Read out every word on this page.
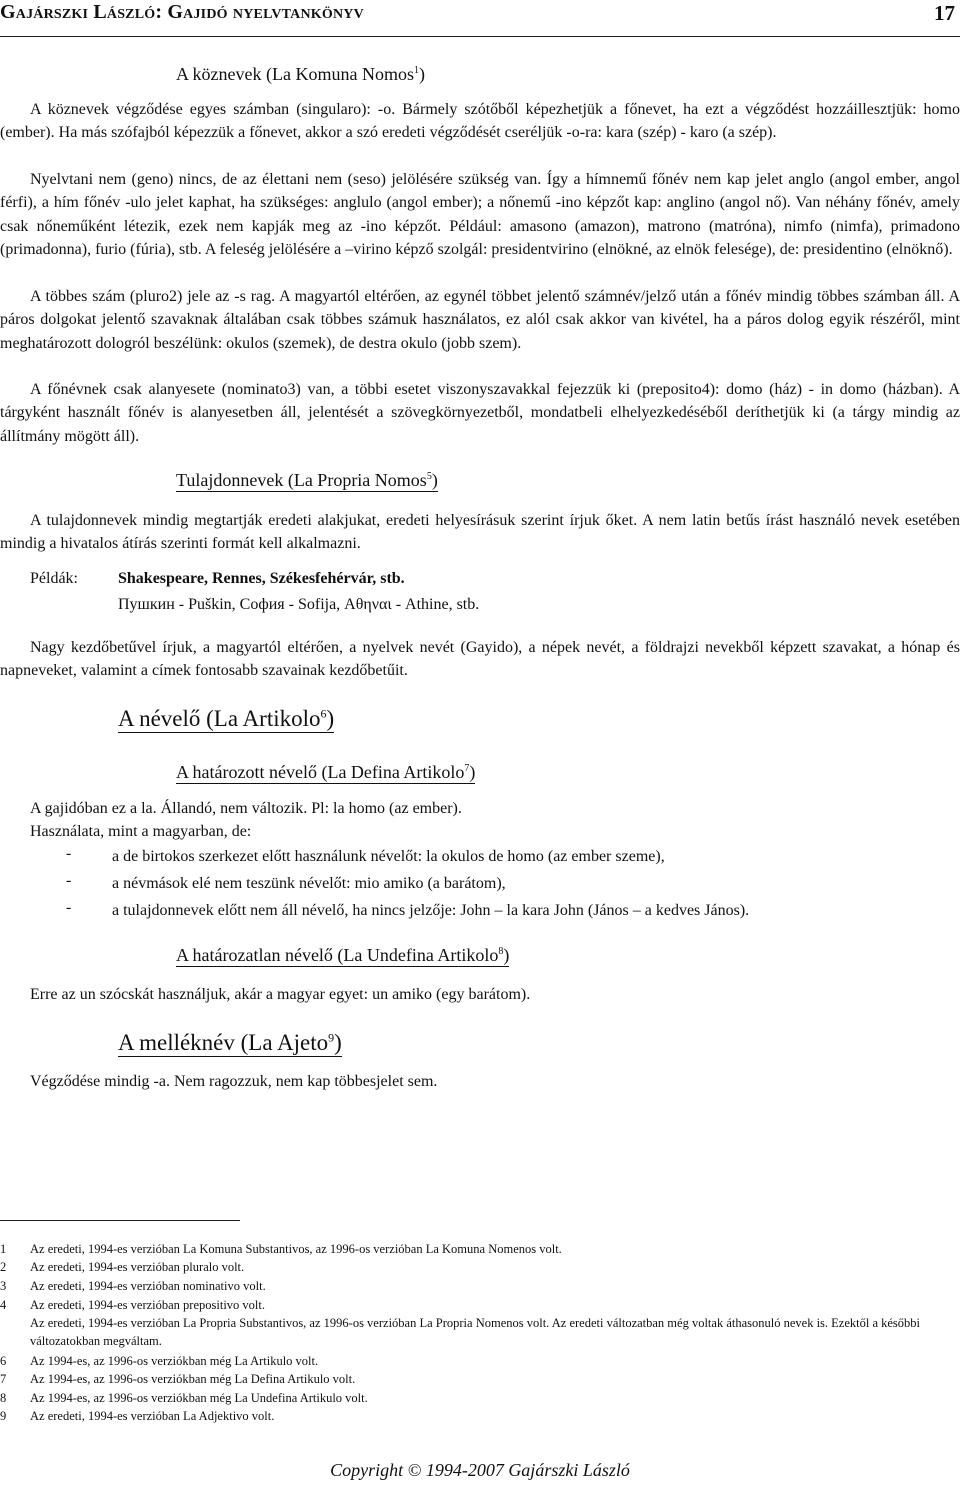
Gajárszki László: Gajidó nyelvtankönyv	17
A köznevek (La Komuna Nomos$^1$)
A köznevek végződése egyes számban (singularo): -o. Bármely szótőből képezhetjük a főnevet, ha ezt a végződést hozzáillesztjük: homo (ember). Ha más szófajból képezzük a főnevet, akkor a szó eredeti végződését cseréljük -o-ra: kara (szép) - karo (a szép).
Nyelvtani nem (geno) nincs, de az élettani nem (seso) jelölésére szükség van. Így a hímnemű főnév nem kap jelet anglo (angol ember, angol férfi), a hím főnév -ulo jelet kaphat, ha szükséges: anglulo (angol ember); a nőnemű -ino képzőt kap: anglino (angol nő). Van néhány főnév, amely csak nőneműként létezik, ezek nem kapják meg az -ino képzőt. Például: amasono (amazon), matrono (matróna), nimfo (nimfa), primadono (primadonna), furio (fúria), stb. A feleség jelölésére a –virino képző szolgál: presidentvirino (elnökné, az elnök felesége), de: presidentino (elnöknő).
A többes szám (pluro2) jele az -s rag. A magyartól eltérően, az egynél többet jelentő számnév/jelző után a főnév mindig többes számban áll. A páros dolgokat jelentő szavaknak általában csak többes számuk használatos, ez alól csak akkor van kivétel, ha a páros dolog egyik részéről, mint meghatározott dologról beszélünk: okulos (szemek), de destra okulo (jobb szem).
A főnévnek csak alanyesete (nominato3) van, a többi esetet viszonyszavakkal fejezzük ki (preposito4): domo (ház) - in domo (házban). A tárgyként használt főnév is alanyesetben áll, jelentését a szövegkörnyezetből, mondatbeli elhelyezkedéséből deríthetjük ki (a tárgy mindig az állítmány mögött áll).
Tulajdonnevek (La Propria Nomos$^5$)
A tulajdonnevek mindig megtartják eredeti alakjukat, eredeti helyesírásuk szerint írjuk őket. A nem latin betűs írást használó nevek esetében mindig a hivatalos átírás szerinti formát kell alkalmazni.
Példák:	Shakespeare, Rennes, Székesfehérvár, stb.
Пушкин - Puškin, София - Sofija, Αθηναι - Athine, stb.
Nagy kezdőbetűvel írjuk, a magyartól eltérően, a nyelvek nevét (Gayido), a népek nevét, a földrajzi nevekből képzett szavakat, a hónap és napneveket, valamint a címek fontosabb szavainak kezdőbetűit.
A névelő (La Artikolo$^6$)
A határozott névelő (La Defina Artikolo$^7$)
A gajidóban ez a la. Állandó, nem változik. Pl: la homo (az ember).
Használata, mint a magyarban, de:
-	a de birtokos szerkezet előtt használunk névelőt: la okulos de homo (az ember szeme),
-	a névmások elé nem teszünk névelőt: mio amiko (a barátom),
-	a tulajdonnevek előtt nem áll névelő, ha nincs jelzője: John – la kara John (János – a kedves János).
A határozatlan névelő (La Undefina Artikolo$^8$)
Erre az un szócskát használjuk, akár a magyar egyet: un amiko (egy barátom).
A melléknév (La Ajeto$^9$)
Végződése mindig -a. Nem ragozzuk, nem kap többesjelet sem.
1 Az eredeti, 1994-es verzióban La Komuna Substantivos, az 1996-os verzióban La Komuna Nomenos volt.
2 Az eredeti, 1994-es verzióban pluralo volt.
3 Az eredeti, 1994-es verzióban nominativo volt.
4 Az eredeti, 1994-es verzióban prepositivo volt.
Az eredeti, 1994-es verzióban La Propria Substantivos, az 1996-os verzióban La Propria Nomenos volt. Az eredeti változatban még voltak áthasonuló nevek is. Ezektől a későbbi változatokban megváltam.
6 Az 1994-es, az 1996-os verziókban még La Artikulo volt.
7 Az 1994-es, az 1996-os verziókban még La Defina Artikulo volt.
8 Az 1994-es, az 1996-os verziókban még La Undefina Artikulo volt.
9 Az eredeti, 1994-es verzióban La Adjektivo volt.
Copyright © 1994-2007 Gajárszki László
